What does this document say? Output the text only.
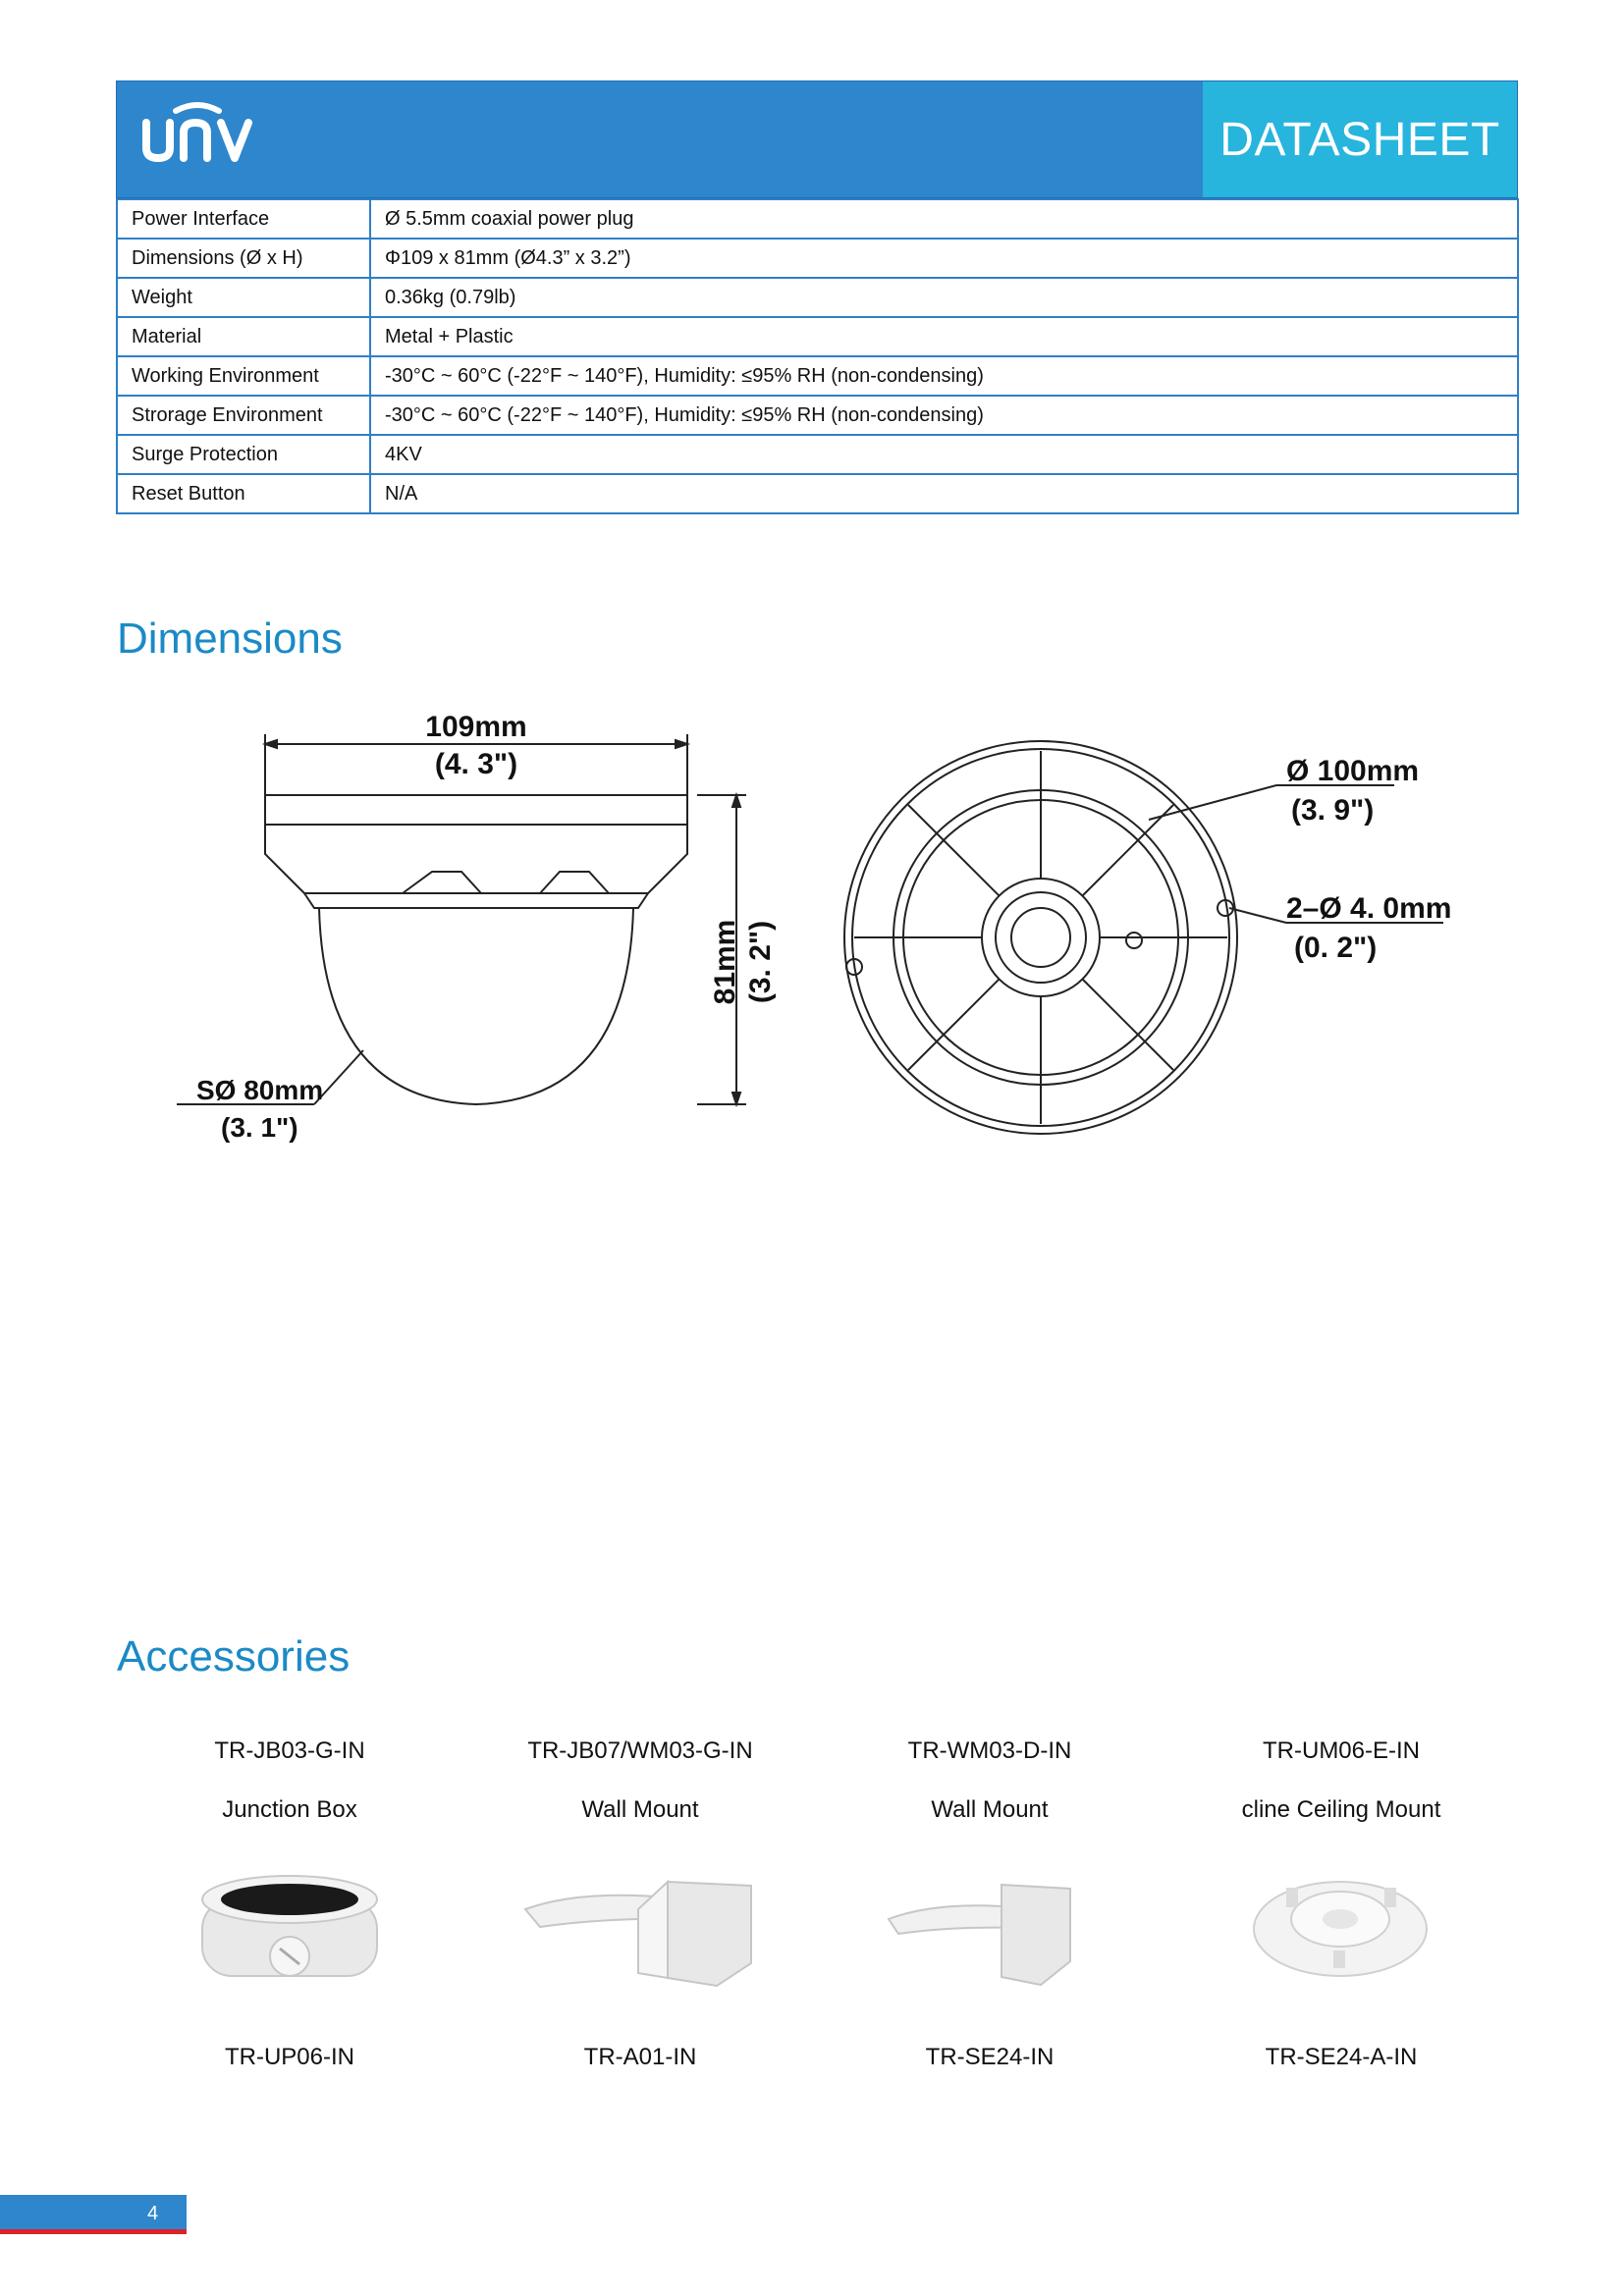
DATASHEET
Power Interface	Ø 5.5mm coaxial power plug
Dimensions (Ø x H)	Φ109 x 81mm (Ø4.3” x 3.2”)
Weight	0.36kg (0.79lb)
Material	Metal + Plastic
Working Environment	-30°C ~ 60°C (-22°F ~ 140°F), Humidity: ≤95% RH (non-condensing)
Strorage Environment	-30°C ~ 60°C (-22°F ~ 140°F), Humidity: ≤95% RH (non-condensing)
Surge Protection	4KV
Reset Button	N/A
Dimensions
109mm
(4. 3")
81mm (3. 2")
SØ 80mm
(3. 1")
Ø 100mm
(3. 9")
2–Ø 4. 0mm
(0. 2")
Accessories
TR-JB03-G-IN	TR-JB07/WM03-G-IN	TR-WM03-D-IN	TR-UM06-E-IN
Junction Box	Wall Mount	Wall Mount	cline Ceiling Mount
TR-UP06-IN	TR-A01-IN	TR-SE24-IN	TR-SE24-A-IN
4
